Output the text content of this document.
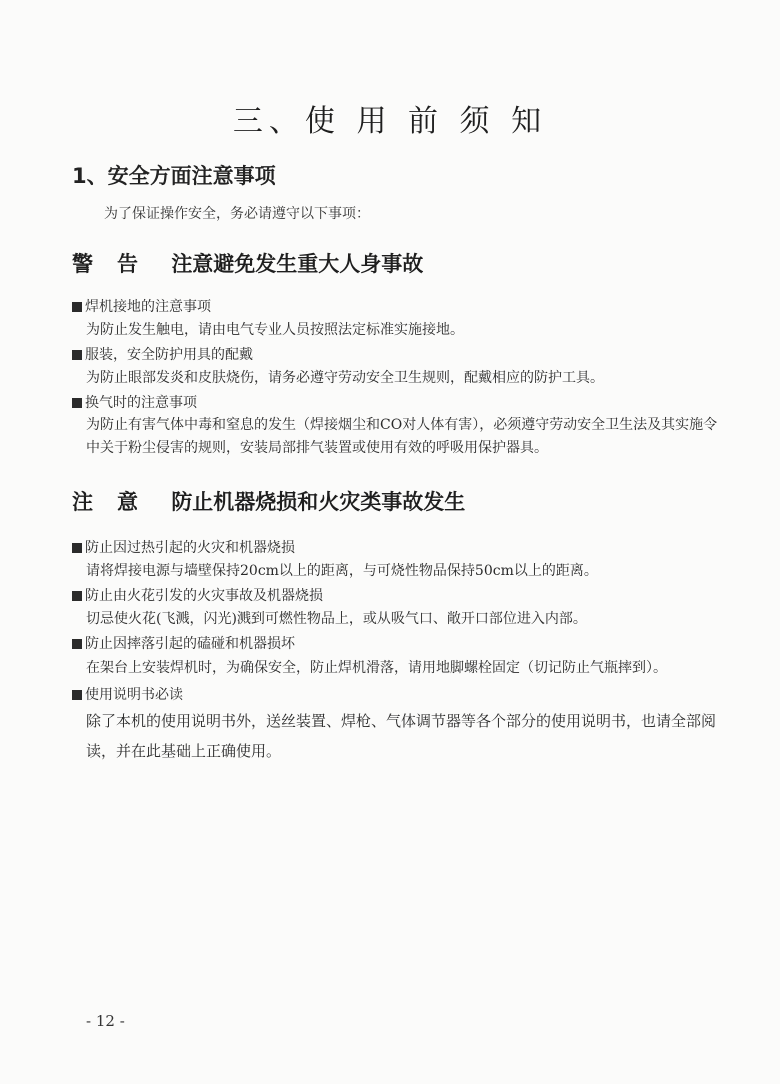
三、使 用 前 须 知
1、安全方面注意事项
为了保证操作安全，务必请遵守以下事项：
警告 注意避免发生重大人身事故
焊机接地的注意事项
为防止发生触电，请由电气专业人员按照法定标准实施接地。
服装，安全防护用具的配戴
为防止眼部发炎和皮肤烧伤，请务必遵守劳动安全卫生规则，配戴相应的防护工具。
换气时的注意事项
为防止有害气体中毒和窒息的发生（焊接烟尘和CO对人体有害），必须遵守劳动安全卫生法及其实施令中关于粉尘侵害的规则，安装局部排气装置或使用有效的呼吸用保护器具。
注意 防止机器烧损和火灾类事故发生
防止因过热引起的火灾和机器烧损
请将焊接电源与墙壁保持20cm以上的距离，与可烧性物品保持50cm以上的距离。
防止由火花引发的火灾事故及机器烧损
切忌使火花(飞溅，闪光)溅到可燃性物品上，或从吸气口、敞开口部位进入内部。
防止因摔落引起的磕碰和机器损坏
在架台上安装焊机时，为确保安全，防止焊机滑落，请用地脚螺栓固定（切记防止气瓶摔到）。
使用说明书必读
除了本机的使用说明书外，送丝装置、焊枪、气体调节器等各个部分的使用说明书，也请全部阅读，并在此基础上正确使用。
- 12 -
